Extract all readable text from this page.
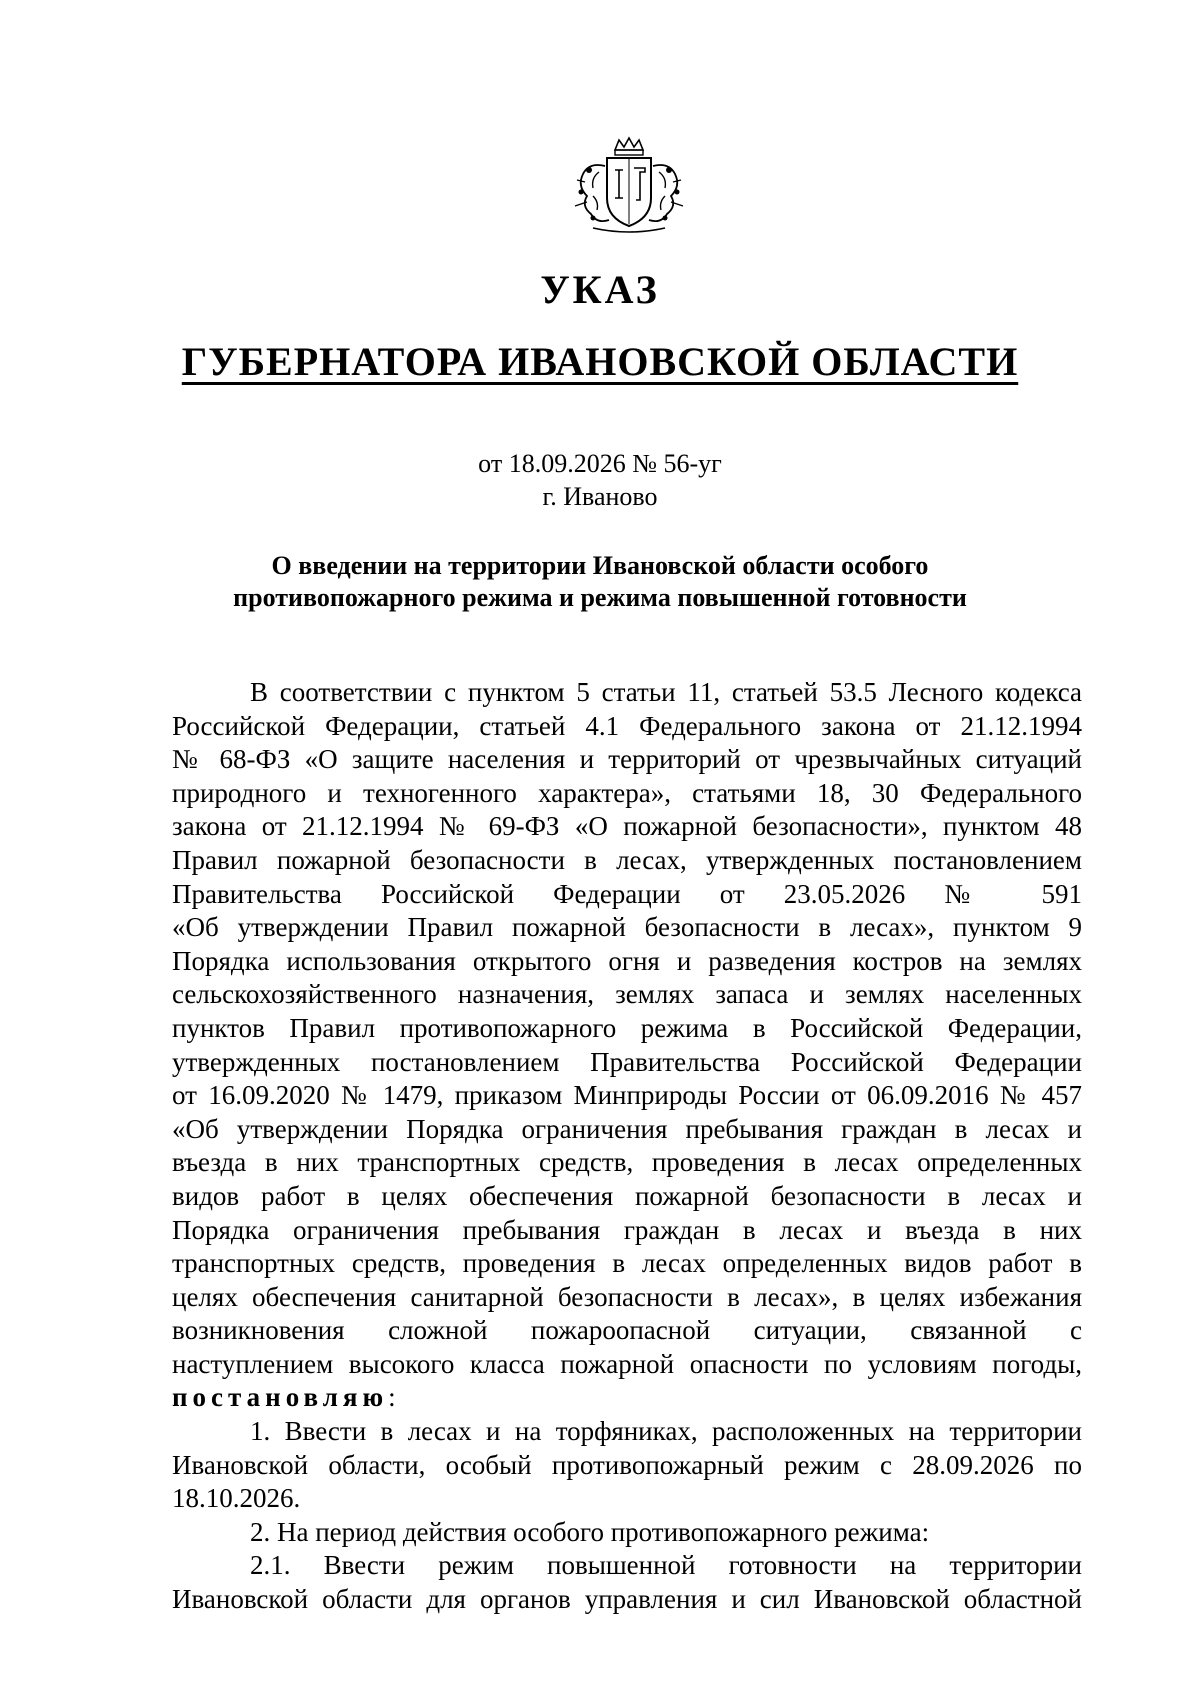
УКАЗ
ГУБЕРНАТОРА ИВАНОВСКОЙ ОБЛАСТИ
от 18.09.2026 № 56-уг
г. Иваново
О введении на территории Ивановской области особого
противопожарного режима и режима повышенной готовности
В соответствии с пунктом 5 статьи 11, статьей 53.5 Лесного кодекса
Российской Федерации, статьей 4.1 Федерального закона от 21.12.1994
№ 68-ФЗ «О защите населения и территорий от чрезвычайных ситуаций
природного и техногенного характера», статьями 18, 30 Федерального
закона от 21.12.1994 № 69-ФЗ «О пожарной безопасности», пунктом 48
Правил пожарной безопасности в лесах, утвержденных постановлением
Правительства Российской Федерации от 23.05.2026 № 591
«Об утверждении Правил пожарной безопасности в лесах», пунктом 9
Порядка использования открытого огня и разведения костров на землях
сельскохозяйственного назначения, землях запаса и землях населенных
пунктов Правил противопожарного режима в Российской Федерации,
утвержденных постановлением Правительства Российской Федерации
от 16.09.2020 № 1479, приказом Минприроды России от 06.09.2016 № 457
«Об утверждении Порядка ограничения пребывания граждан в лесах и
въезда в них транспортных средств, проведения в лесах определенных
видов работ в целях обеспечения пожарной безопасности в лесах и
Порядка ограничения пребывания граждан в лесах и въезда в них
транспортных средств, проведения в лесах определенных видов работ в
целях обеспечения санитарной безопасности в лесах», в целях избежания
возникновения сложной пожароопасной ситуации, связанной с
наступлением высокого класса пожарной опасности по условиям погоды,
постановляю:
1. Ввести в лесах и на торфяниках, расположенных на территории
Ивановской области, особый противопожарный режим с 28.09.2026 по
18.10.2026.
2. На период действия особого противопожарного режима:
2.1. Ввести режим повышенной готовности на территории
Ивановской области для органов управления и сил Ивановской областной
